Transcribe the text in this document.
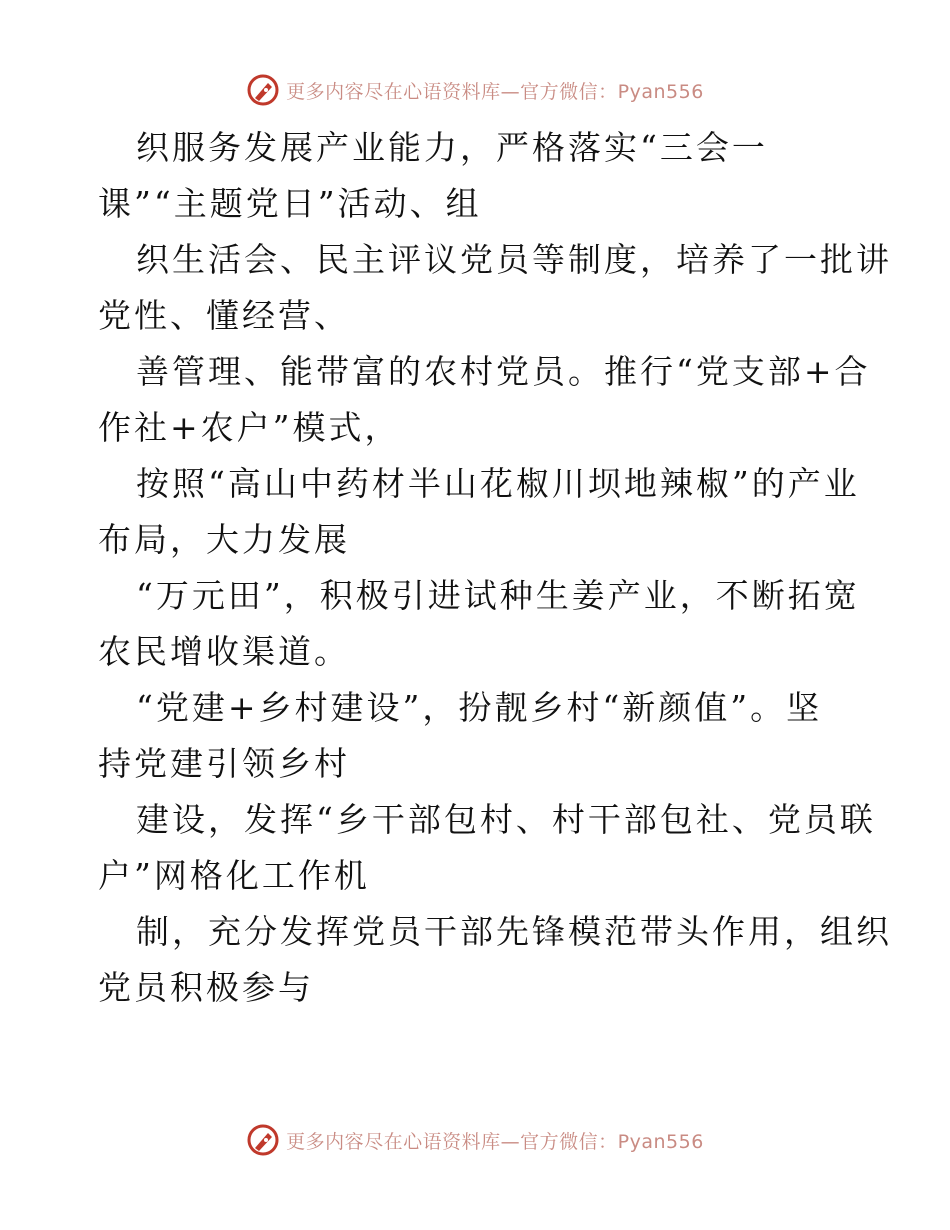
更多内容尽在心语资料库—官方微信：Pyan556
织服务发展产业能力，严格落实“三会一
课”“主题党日”活动、组
织生活会、民主评议党员等制度，培养了一批讲
党性、懂经营、
善管理、能带富的农村党员。推行“党支部+合
作社+农户”模式，
按照“高山中药材半山花椒川坝地辣椒”的产业
布局，大力发展
“万元田”，积极引进试种生姜产业，不断拓宽
农民增收渠道。
“党建+乡村建设”，扮靓乡村“新颜值”。坚
持党建引领乡村
建设，发挥“乡干部包村、村干部包社、党员联
户”网格化工作机
制，充分发挥党员干部先锋模范带头作用，组织
党员积极参与
更多内容尽在心语资料库—官方微信：Pyan556
